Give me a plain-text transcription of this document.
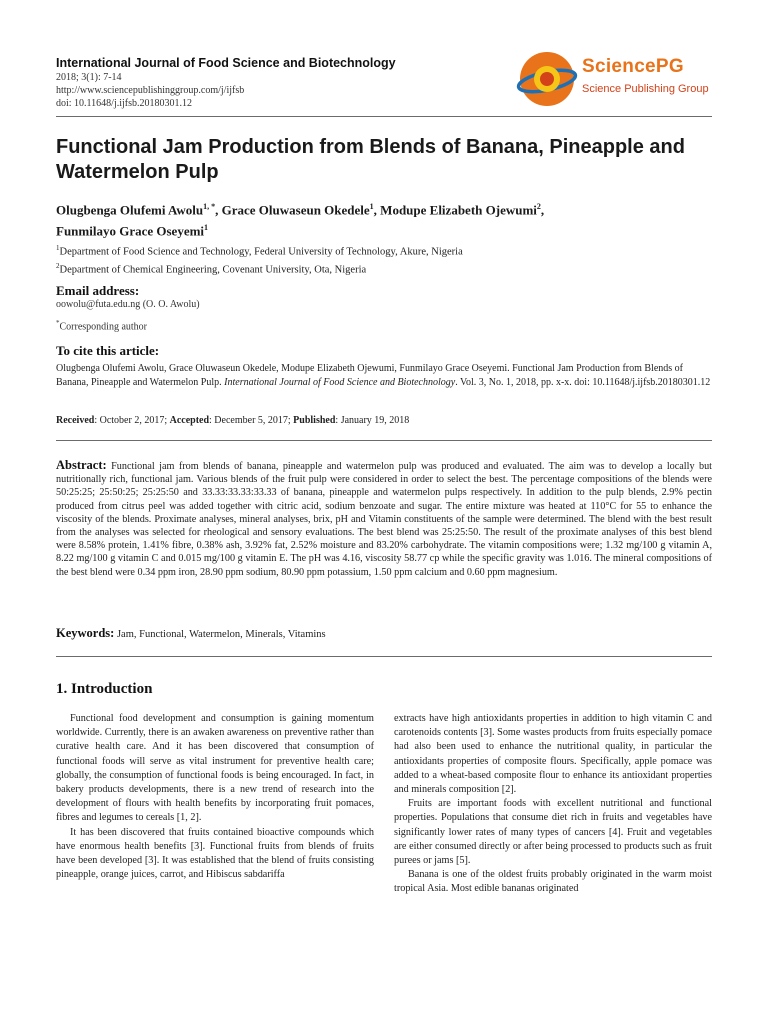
International Journal of Food Science and Biotechnology
2018; 3(1): 7-14
http://www.sciencepublishinggroup.com/j/ijfsb
doi: 10.11648/j.ijfsb.20180301.12
SciencePG
Science Publishing Group
Functional Jam Production from Blends of Banana, Pineapple and Watermelon Pulp
Olugbenga Olufemi Awolu$^{1, *}$, Grace Oluwaseun Okedele$^1$, Modupe Elizabeth Ojewumi$^2$,
Funmilayo Grace Oseyemi$^1$
$^1$Department of Food Science and Technology, Federal University of Technology, Akure, Nigeria
$^2$Department of Chemical Engineering, Covenant University, Ota, Nigeria
Email address:
oowolu@futa.edu.ng (O. O. Awolu)
*Corresponding author
To cite this article:
Olugbenga Olufemi Awolu, Grace Oluwaseun Okedele, Modupe Elizabeth Ojewumi, Funmilayo Grace Oseyemi. Functional Jam Production from Blends of Banana, Pineapple and Watermelon Pulp. International Journal of Food Science and Biotechnology. Vol. 3, No. 1, 2018, pp. x-x. doi: 10.11648/j.ijfsb.20180301.12
Received: October 2, 2017; Accepted: December 5, 2017; Published: January 19, 2018
Abstract: Functional jam from blends of banana, pineapple and watermelon pulp was produced and evaluated. The aim was to develop a locally but nutritionally rich, functional jam. Various blends of the fruit pulp were considered in order to select the best. The percentage compositions of the blends were 50:25:25; 25:50:25; 25:25:50 and 33.33:33.33:33.33 of banana, pineapple and watermelon pulps respectively. In addition to the pulp blends, 2.9% pectin produced from citrus peel was added together with citric acid, sodium benzoate and sugar. The entire mixture was heated at 110°C for 55 to enhance the viscosity of the blends. Proximate analyses, mineral analyses, brix, pH and Vitamin constituents of the sample were determined. The blend with the best result from the analyses was selected for rheological and sensory evaluations. The best blend was 25:25:50. The result of the proximate analyses of this best blend were 8.58% protein, 1.41% fibre, 0.38% ash, 3.92% fat, 2.52% moisture and 83.20% carbohydrate. The vitamin compositions were; 1.32 mg/100 g vitamin A, 8.22 mg/100 g vitamin C and 0.015 mg/100 g vitamin E. The pH was 4.16, viscosity 58.77 cp while the specific gravity was 1.016. The mineral compositions of the best blend were 0.34 ppm iron, 28.90 ppm sodium, 80.90 ppm potassium, 1.50 ppm calcium and 0.60 ppm magnesium.
Keywords: Jam, Functional, Watermelon, Minerals, Vitamins
1. Introduction

Functional food development and consumption is gaining momentum worldwide. Currently, there is an awaken awareness on preventive rather than curative health care. And it has been discovered that consumption of functional foods will serve as vital instrument for preventive health care; globally, the consumption of functional foods is being encouraged. In fact, in bakery products developments, there is a new trend of research into the development of flours with health benefits by incorporating fruit pomaces, fibres and legumes to cereals [1, 2].

It has been discovered that fruits contained bioactive compounds which have enormous health benefits [3]. Functional fruits from blends of fruits have been developed [3]. It was established that the blend of fruits consisting pineapple, orange juices, carrot, and Hibiscus sabdariffa

extracts have high antioxidants properties in addition to high vitamin C and carotenoids contents [3]. Some wastes products from fruits especially pomace had also been used to enhance the nutritional quality, in particular the antioxidants properties of composite flours. Specifically, apple pomace was added to a wheat-based composite flour to enhance its antioxidant properties and minerals composition [2].

Fruits are important foods with excellent nutritional and functional properties. Populations that consume diet rich in fruits and vegetables have significantly lower rates of many types of cancers [4]. Fruit and vegetables are either consumed directly or after being processed to products such as fruit purees or jams [5].

Banana is one of the oldest fruits probably originated in the warm moist tropical Asia. Most edible bananas originated
